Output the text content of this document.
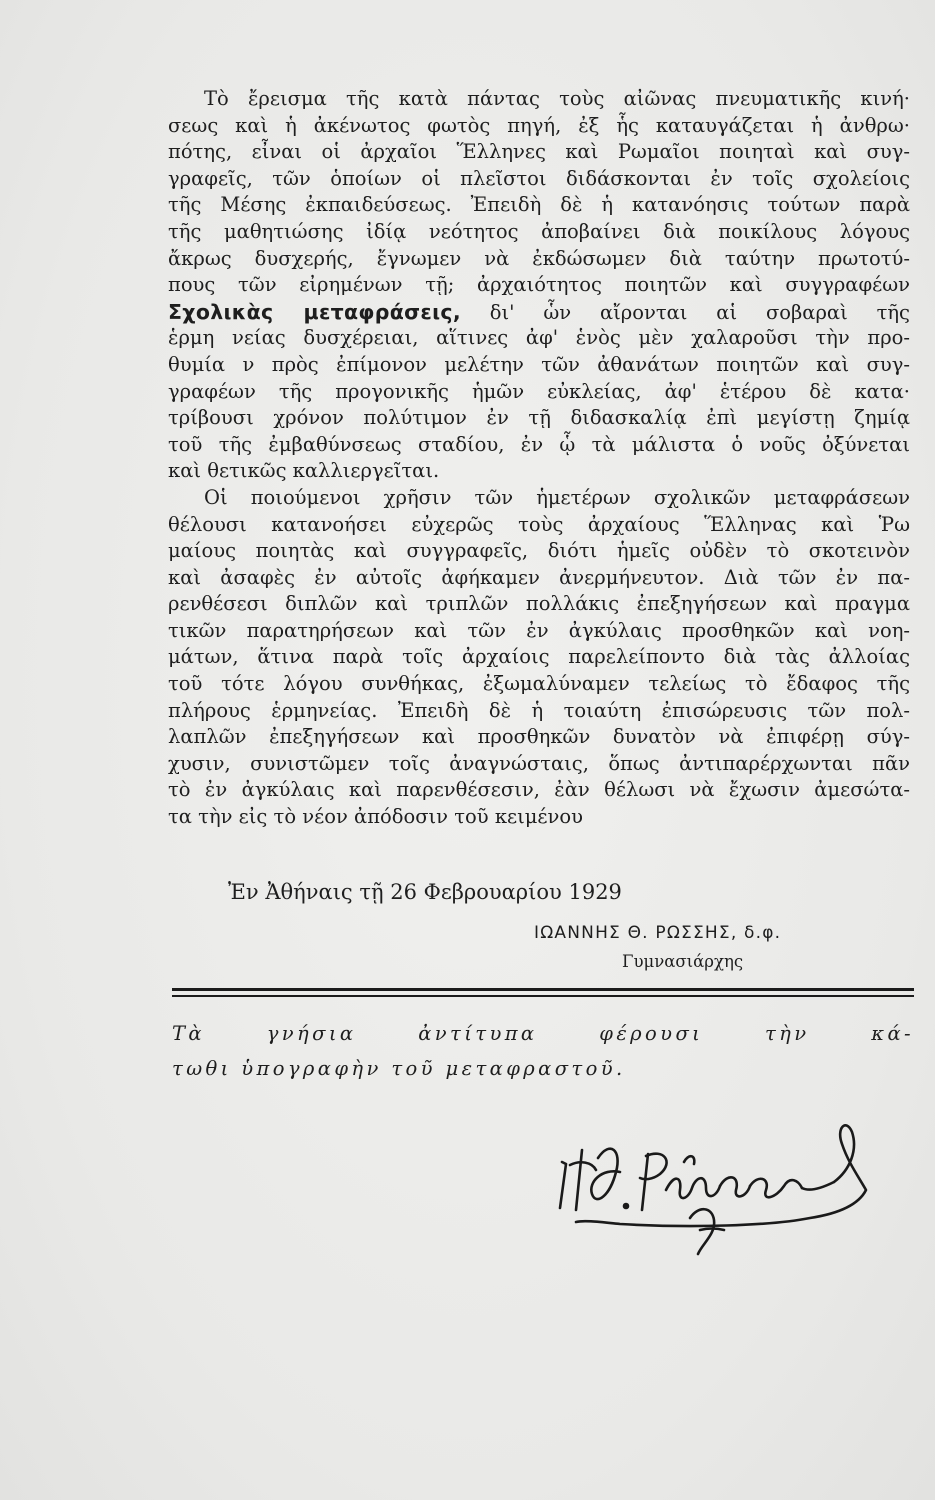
Τὸ ἔρεισμα τῆς κατὰ πάντας τοὺς αἰῶνας πνευματικῆς κινή·
σεως καὶ ἡ ἀκένωτος φωτὸς πηγή, ἐξ ἧς καταυγάζεται ἡ ἀνθρω·
πότης, εἶναι οἱ ἀρχαῖοι Ἕλληνες καὶ Ρωμαῖοι ποιηταὶ καὶ συγ-
γραφεῖς, τῶν ὁποίων οἱ πλεῖστοι διδάσκονται ἐν τοῖς σχολείοις
τῆς Μέσης ἐκπαιδεύσεως. Ἐπειδὴ δὲ ἡ κατανόησις τούτων παρὰ
τῆς μαθητιώσης ἰδίᾳ νεότητος ἀποβαίνει διὰ ποικίλους λόγους
ἄκρως δυσχερής, ἔγνωμεν νὰ ἐκδώσωμεν διὰ ταύτην πρωτοτύ-
πους τῶν εἰρημένων τῇ; ἀρχαιότητος ποιητῶν καὶ συγγραφέων
Σχολικὰς μεταφράσεις, δι' ὧν αἴρονται αἱ σοβαραὶ τῆς
ἑρμη νείας δυσχέρειαι, αἵτινες ἀφ' ἑνὸς μὲν χαλαροῦσι τὴν προ-
θυμία ν πρὸς ἐπίμονον μελέτην τῶν ἀθανάτων ποιητῶν καὶ συγ-
γραφέων τῆς προγονικῆς ἡμῶν εὐκλείας, ἀφ' ἑτέρου δὲ κατα·
τρίβουσι χρόνον πολύτιμον ἐν τῇ διδασκαλίᾳ ἐπὶ μεγίστῃ ζημίᾳ
τοῦ τῆς ἐμβαθύνσεως σταδίου, ἐν ᾧ τὰ μάλιστα ὁ νοῦς ὀξύνεται
καὶ θετικῶς καλλιεργεῖται.
Οἱ ποιούμενοι χρῆσιν τῶν ἡμετέρων σχολικῶν μεταφράσεων
θέλουσι κατανοήσει εὐχερῶς τοὺς ἀρχαίους Ἕλληνας καὶ Ῥω
μαίους ποιητὰς καὶ συγγραφεῖς, διότι ἡμεῖς οὐδὲν τὸ σκοτεινὸν
καὶ ἀσαφὲς ἐν αὐτοῖς ἀφήκαμεν ἀνερμήνευτον. Διὰ τῶν ἐν πα-
ρενθέσεσι διπλῶν καὶ τριπλῶν πολλάκις ἐπεξηγήσεων καὶ πραγμα
τικῶν παρατηρήσεων καὶ τῶν ἐν ἀγκύλαις προσθηκῶν καὶ νοη-
μάτων, ἅτινα παρὰ τοῖς ἀρχαίοις παρελείποντο διὰ τὰς ἀλλοίας
τοῦ τότε λόγου συνθήκας, ἐξωμαλύναμεν τελείως τὸ ἔδαφος τῆς
πλήρους ἑρμηνείας. Ἐπειδὴ δὲ ἡ τοιαύτη ἐπισώρευσις τῶν πολ-
λαπλῶν ἐπεξηγήσεων καὶ προσθηκῶν δυνατὸν νὰ ἐπιφέρῃ σύγ-
χυσιν, συνιστῶμεν τοῖς ἀναγνώσταις, ὅπως ἀντιπαρέρχωνται πᾶν
τὸ ἐν ἀγκύλαις καὶ παρενθέσεσιν, ἐὰν θέλωσι νὰ ἔχωσιν ἀμεσώτα-
τα τὴν εἰς τὸ νέον ἀπόδοσιν τοῦ κειμένου
Ἐν Ἀθήναις τῇ 26 Φεβρουαρίου 1929
ΙΩΑΝΝΗΣ Θ. ΡΩΣΣΗΣ, δ.φ.
Γυμνασιάρχης
Τὰ γνήσια ἀντίτυπα φέρουσι τὴν κά-
τωθι ὑπογραφὴν τοῦ μεταφραστοῦ.
